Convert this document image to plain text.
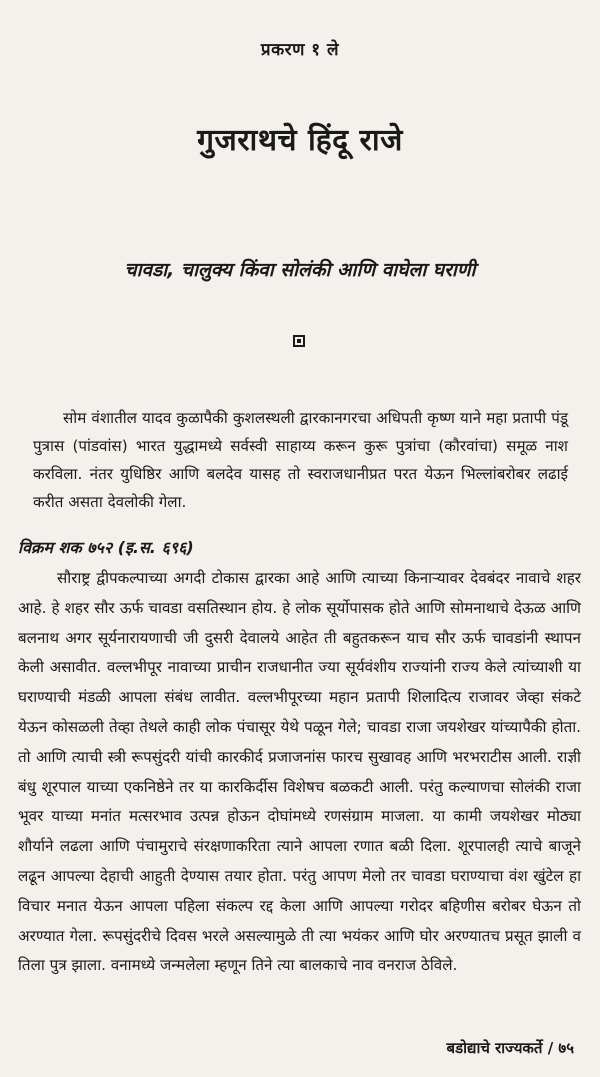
प्रकरण १ ले
गुजराथचे हिंदू राजे
चावडा, चालुक्य किंवा सोलंकी आणि वाघेला घराणी
सोम वंशातील यादव कुळापैकी कुशलस्थली द्वारकानगरचा अधिपती कृष्ण याने महा प्रतापी पंडू पुत्रास (पांडवांस) भारत युद्धामध्ये सर्वस्वी साहाय्य करून कुरू पुत्रांचा (कौरवांचा) समूळ नाश करविला. नंतर युधिष्ठिर आणि बलदेव यासह तो स्वराजधानीप्रत परत येऊन भिल्लांबरोबर लढाई करीत असता देवलोकी गेला.
विक्रम शक ७५२ (इ.स. ६९६)
सौराष्ट्र द्वीपकल्पाच्या अगदी टोकास द्वारका आहे आणि त्याच्या किनाऱ्यावर देवबंदर नावाचे शहर आहे. हे शहर सौर ऊर्फ चावडा वसतिस्थान होय. हे लोक सूर्योपासक होते आणि सोमनाथाचे देऊळ आणि बलनाथ अगर सूर्यनारायणाची जी दुसरी देवालये आहेत ती बहुतकरून याच सौर ऊर्फ चावडांनी स्थापन केली असावीत. वल्लभीपूर नावाच्या प्राचीन राजधानीत ज्या सूर्यवंशीय राज्यांनी राज्य केले त्यांच्याशी या घराण्याची मंडळी आपला संबंध लावीत. वल्लभीपूरच्या महान प्रतापी शिलादित्य राजावर जेव्हा संकटे येऊन कोसळली तेव्हा तेथले काही लोक पंचासूर येथे पळून गेले; चावडा राजा जयशेखर यांच्यापैकी होता. तो आणि त्याची स्त्री रूपसुंदरी यांची कारकीर्द प्रजाजनांस फारच सुखावह आणि भरभराटीस आली. राज्ञी बंधु शूरपाल याच्या एकनिष्ठेने तर या कारकिर्दीस विशेषच बळकटी आली. परंतु कल्याणचा सोलंकी राजा भूवर याच्या मनांत मत्सरभाव उत्पन्न होऊन दोघांमध्ये रणसंग्राम माजला. या कामी जयशेखर मोठ्या शौर्याने लढला आणि पंचामुराचे संरक्षणाकरिता त्याने आपला रणात बळी दिला. शूरपालही त्याचे बाजूने लढून आपल्या देहाची आहुती देण्यास तयार होता. परंतु आपण मेलो तर चावडा घराण्याचा वंश खुंटेल हा विचार मनात येऊन आपला पहिला संकल्प रद्द केला आणि आपल्या गरोदर बहिणीस बरोबर घेऊन तो अरण्यात गेला. रूपसुंदरीचे दिवस भरले असल्यामुळे ती त्या भयंकर आणि घोर अरण्यातच प्रसूत झाली व तिला पुत्र झाला. वनामध्ये जन्मलेला म्हणून तिने त्या बालकाचे नाव वनराज ठेविले.
बडोद्याचे राज्यकर्ते / ७५
